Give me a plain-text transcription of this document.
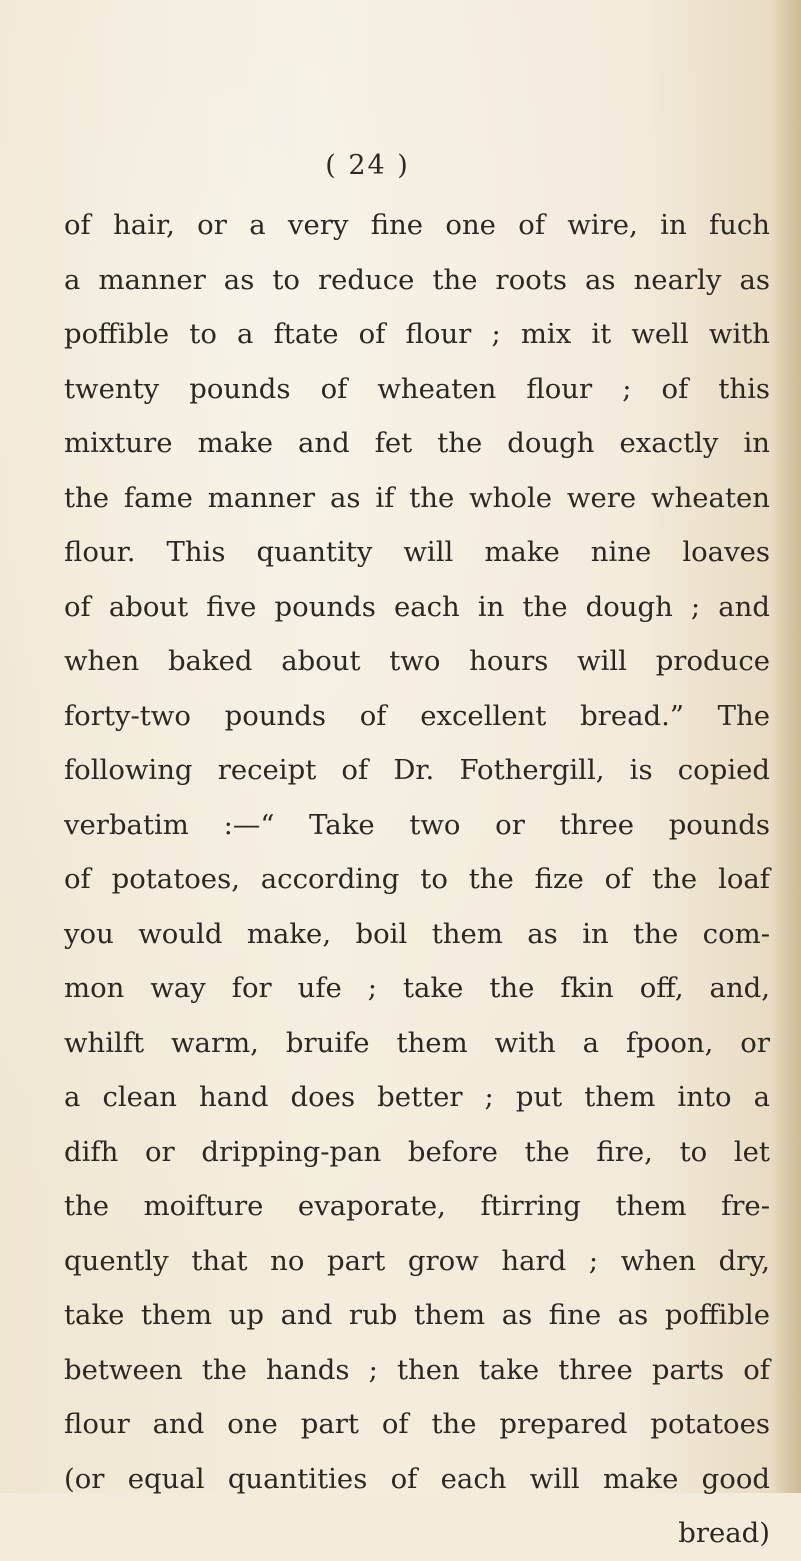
( 24 )
of hair, or a very fine one of wire, in fuch
a manner as to reduce the roots as nearly as
poffible to a ftate of flour ; mix it well with
twenty pounds of wheaten flour ; of this
mixture make and fet the dough exactly in
the fame manner as if the whole were wheaten
flour. This quantity will make nine loaves
of about five pounds each in the dough ; and
when baked about two hours will produce
forty-two pounds of excellent bread.” The
following receipt of Dr. Fothergill, is copied
verbatim :—“ Take two or three pounds
of potatoes, according to the fize of the loaf
you would make, boil them as in the com-
mon way for ufe ; take the fkin off, and,
whilft warm, bruife them with a fpoon, or
a clean hand does better ; put them into a
difh or dripping-pan before the fire, to let
the moifture evaporate, ftirring them fre-
quently that no part grow hard ; when dry,
take them up and rub them as fine as poffible
between the hands ; then take three parts of
flour and one part of the prepared potatoes
(or equal quantities of each will make good
bread)
